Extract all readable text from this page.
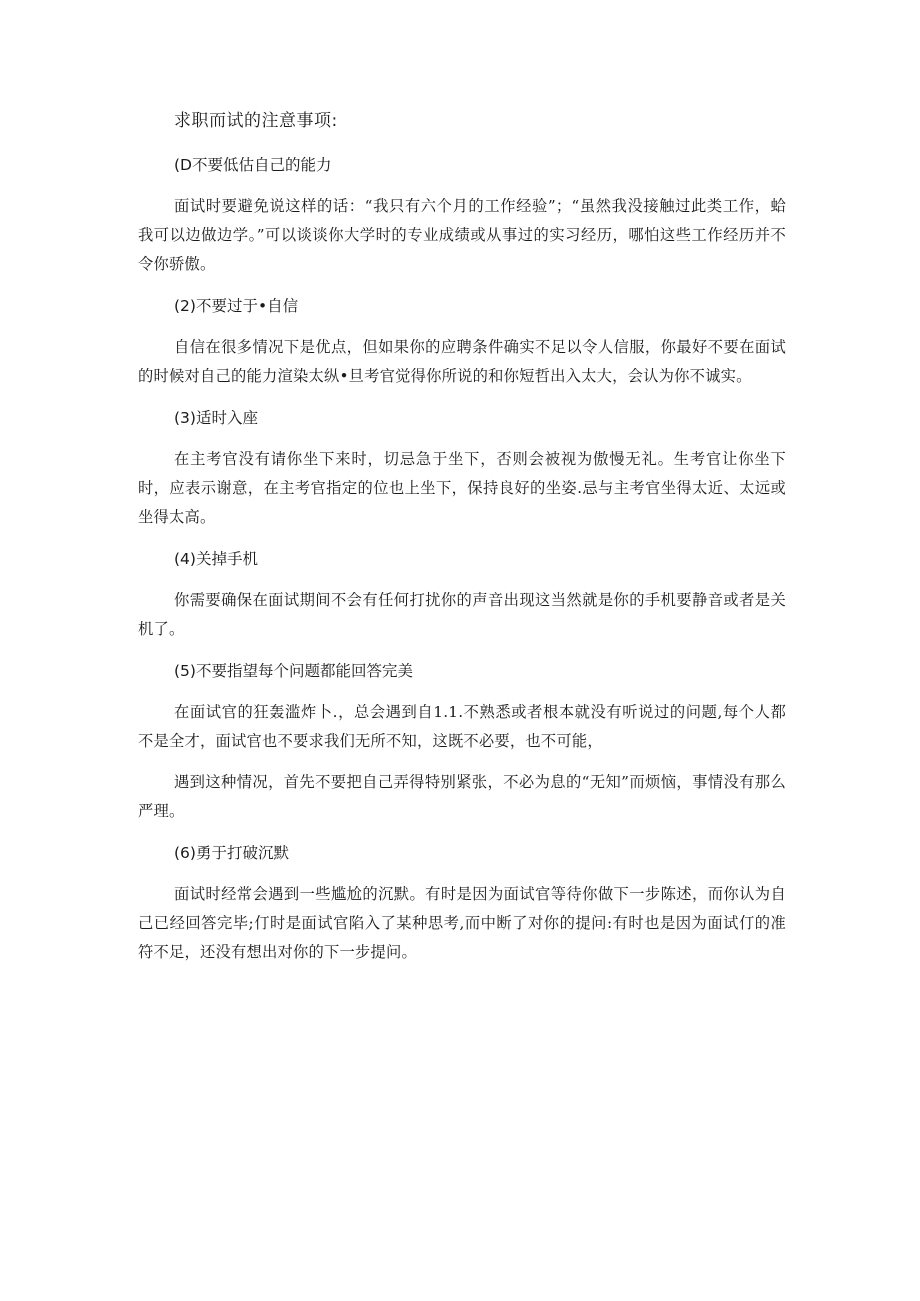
求职而试的注意事项:
(D不要低估自己的能力

面试时要避免说这样的话：“我只有六个月的工作经验”；“虽然我没接触过此类工作，蛤我可以边做边学。”可以谈谈你大学时的专业成绩或从事过的实习经历，哪怕这些工作经历并不令你骄傲。

(2)不要过于•自信

自信在很多情况下是优点，但如果你的应聘条件确实不足以令人信服，你最好不要在面试的时候对自己的能力渲染太纵•旦考官觉得你所说的和你短哲出入太大，会认为你不诚实。

(3)适时入座

在主考官没有请你坐下来时，切忌急于坐下，否则会被视为傲慢无礼。生考官让你坐下时，应表示谢意，在主考官指定的位也上坐下，保持良好的坐姿.忌与主考官坐得太近、太远或坐得太高。

(4)关掉手机

你需要确保在面试期间不会有任何打扰你的声音出现这当然就是你的手机要静音或者是关机了。

(5)不要指望每个问题都能回答完美

在面试官的狂轰滥炸卜.，总会遇到自1.1.不熟悉或者根本就没有听说过的问题,每个人都不是全才，面试官也不要求我们无所不知，这既不必要，也不可能，

遇到这种情况，首先不要把自己弄得特别紧张，不必为息的“无知”而烦恼，事情没有那么严理。

(6)勇于打破沉默

面试时经常会遇到一些尴尬的沉默。有时是因为面试官等待你做下一步陈述，而你认为自己已经回答完毕;仃时是面试官陷入了某种思考,而中断了对你的提问:有时也是因为面试仃的准符不足，还没有想出对你的下一步提问。
